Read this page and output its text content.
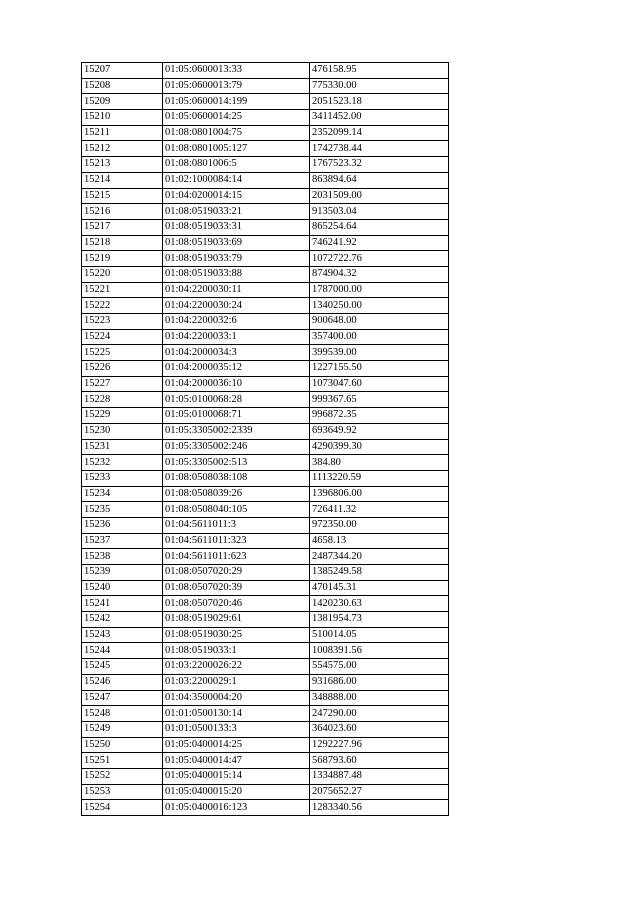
15207	01:05:0600013:33	476158.95
15208	01:05:0600013:79	775330.00
15209	01:05:0600014:199	2051523.18
15210	01:05:0600014:25	3411452.00
15211	01:08:0801004:75	2352099.14
15212	01:08:0801005:127	1742738.44
15213	01:08:0801006:5	1767523.32
15214	01:02:1000084:14	863894.64
15215	01:04:0200014:15	2031509.00
15216	01:08:0519033:21	913503.04
15217	01:08:0519033:31	865254.64
15218	01:08:0519033:69	746241.92
15219	01:08:0519033:79	1072722.76
15220	01:08:0519033:88	874904.32
15221	01:04:2200030:11	1787000.00
15222	01:04:2200030:24	1340250.00
15223	01:04:2200032:6	900648.00
15224	01:04:2200033:1	357400.00
15225	01:04:2000034:3	399539.00
15226	01:04:2000035:12	1227155.50
15227	01:04:2000036:10	1073047.60
15228	01:05:0100068:28	999367.65
15229	01:05:0100068:71	996872.35
15230	01:05:3305002:2339	693649.92
15231	01:05:3305002:246	4290399.30
15232	01:05:3305002:513	384.80
15233	01:08:0508038:108	1113220.59
15234	01:08:0508039:26	1396806.00
15235	01:08:0508040:105	726411.32
15236	01:04:5611011:3	972350.00
15237	01:04:5611011:323	4658.13
15238	01:04:5611011:623	2487344.20
15239	01:08:0507020:29	1385249.58
15240	01:08:0507020:39	470145.31
15241	01:08:0507020:46	1420230.63
15242	01:08:0519029:61	1381954.73
15243	01:08:0519030:25	510014.05
15244	01:08:0519033:1	1008391.56
15245	01:03:2200026:22	554575.00
15246	01:03:2200029:1	931686.00
15247	01:04:3500004:20	348888.00
15248	01:01:0500130:14	247290.00
15249	01:01:0500133:3	364023.60
15250	01:05:0400014:25	1292227.96
15251	01:05:0400014:47	568793.60
15252	01:05:0400015:14	1334887.48
15253	01:05:0400015:20	2075652.27
15254	01:05:0400016:123	1283340.56
